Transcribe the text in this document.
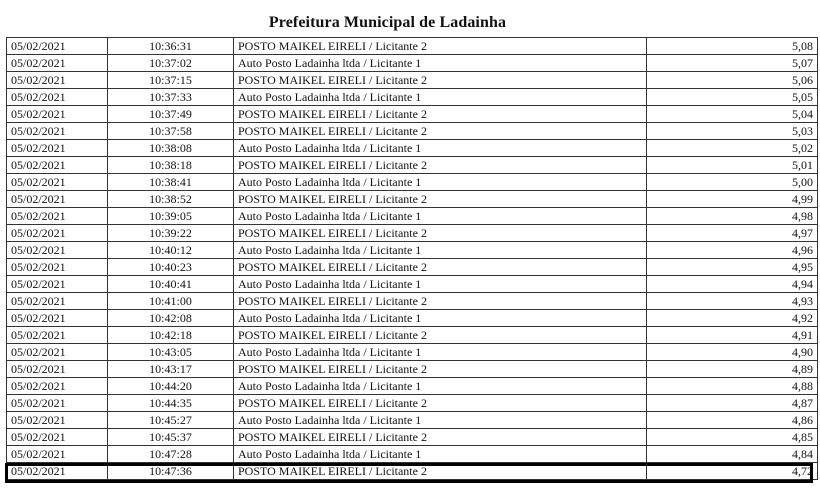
Prefeitura Municipal de Ladainha
05/02/2021	10:36:31	POSTO MAIKEL EIRELI / Licitante 2	5,08
05/02/2021	10:37:02	Auto Posto Ladainha ltda / Licitante 1	5,07
05/02/2021	10:37:15	POSTO MAIKEL EIRELI / Licitante 2	5,06
05/02/2021	10:37:33	Auto Posto Ladainha ltda / Licitante 1	5,05
05/02/2021	10:37:49	POSTO MAIKEL EIRELI / Licitante 2	5,04
05/02/2021	10:37:58	POSTO MAIKEL EIRELI / Licitante 2	5,03
05/02/2021	10:38:08	Auto Posto Ladainha ltda / Licitante 1	5,02
05/02/2021	10:38:18	POSTO MAIKEL EIRELI / Licitante 2	5,01
05/02/2021	10:38:41	Auto Posto Ladainha ltda / Licitante 1	5,00
05/02/2021	10:38:52	POSTO MAIKEL EIRELI / Licitante 2	4,99
05/02/2021	10:39:05	Auto Posto Ladainha ltda / Licitante 1	4,98
05/02/2021	10:39:22	POSTO MAIKEL EIRELI / Licitante 2	4,97
05/02/2021	10:40:12	Auto Posto Ladainha ltda / Licitante 1	4,96
05/02/2021	10:40:23	POSTO MAIKEL EIRELI / Licitante 2	4,95
05/02/2021	10:40:41	Auto Posto Ladainha ltda / Licitante 1	4,94
05/02/2021	10:41:00	POSTO MAIKEL EIRELI / Licitante 2	4,93
05/02/2021	10:42:08	Auto Posto Ladainha ltda / Licitante 1	4,92
05/02/2021	10:42:18	POSTO MAIKEL EIRELI / Licitante 2	4,91
05/02/2021	10:43:05	Auto Posto Ladainha ltda / Licitante 1	4,90
05/02/2021	10:43:17	POSTO MAIKEL EIRELI / Licitante 2	4,89
05/02/2021	10:44:20	Auto Posto Ladainha ltda / Licitante 1	4,88
05/02/2021	10:44:35	POSTO MAIKEL EIRELI / Licitante 2	4,87
05/02/2021	10:45:27	Auto Posto Ladainha ltda / Licitante 1	4,86
05/02/2021	10:45:37	POSTO MAIKEL EIRELI / Licitante 2	4,85
05/02/2021	10:47:28	Auto Posto Ladainha ltda / Licitante 1	4,84
05/02/2021	10:47:36	POSTO MAIKEL EIRELI / Licitante 2	4,72
